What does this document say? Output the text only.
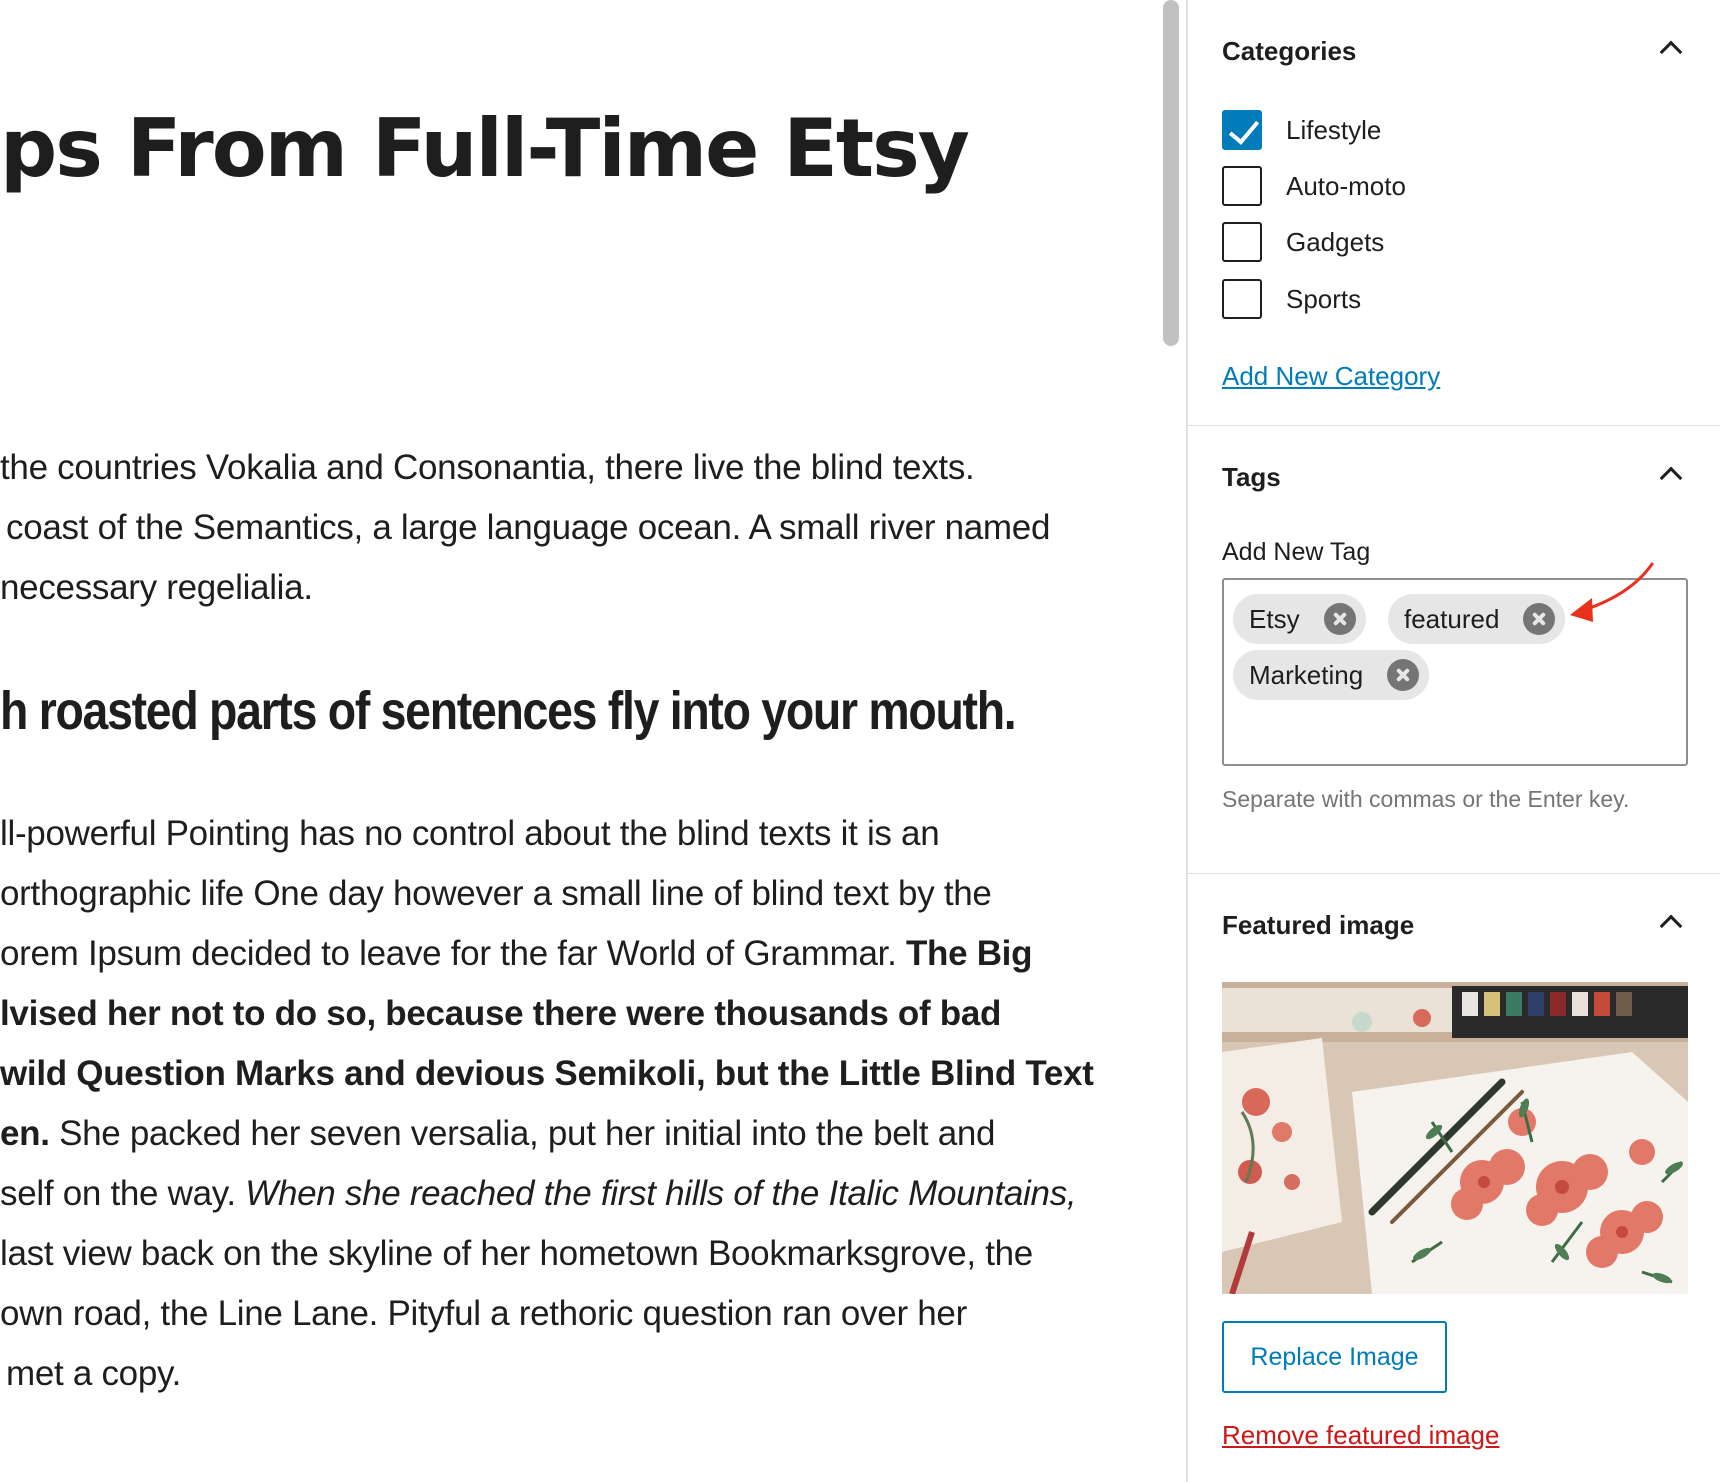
ps From Full-Time Etsy
the countries Vokalia and Consonantia, there live the blind texts.
coast of the Semantics, a large language ocean. A small river named
necessary regelialia.
h roasted parts of sentences fly into your mouth.
ll-powerful Pointing has no control about the blind texts it is an
orthographic life One day however a small line of blind text by the
orem Ipsum decided to leave for the far World of Grammar. The Big
lvised her not to do so, because there were thousands of bad
wild Question Marks and devious Semikoli, but the Little Blind Text
en. She packed her seven versalia, put her initial into the belt and
self on the way. When she reached the first hills of the Italic Mountains,
last view back on the skyline of her hometown Bookmarksgrove, the
own road, the Line Lane. Pityful a rethoric question ran over her
met a copy.
Categories
Lifestyle
Auto-moto
Gadgets
Sports
Add New Category
Tags
Add New Tag
Etsy	featured
Marketing
Separate with commas or the Enter key.
Featured image
Replace Image
Remove featured image
